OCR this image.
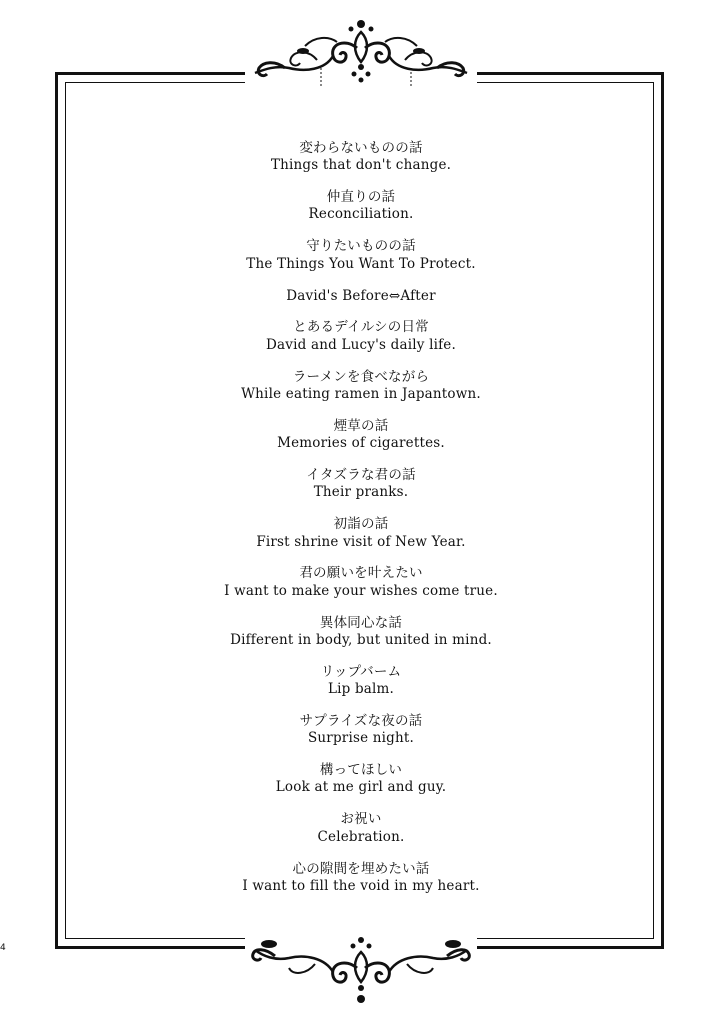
変わらないものの話
Things that don't change.
仲直りの話
Reconciliation.
守りたいものの話
The Things You Want To Protect.
David's Before⇔After
とあるデイルシの日常
David and Lucy's daily life.
ラーメンを食べながら
While eating ramen in Japantown.
煙草の話
Memories of cigarettes.
イタズラな君の話
Their pranks.
初詣の話
First shrine visit of New Year.
君の願いを叶えたい
I want to make your wishes come true.
異体同心な話
Different in body, but united in mind.
リップバーム
Lip balm.
サプライズな夜の話
Surprise night.
構ってほしい
Look at me girl and guy.
お祝い
Celebration.
心の隙間を埋めたい話
I want to fill the void in my heart.
4
